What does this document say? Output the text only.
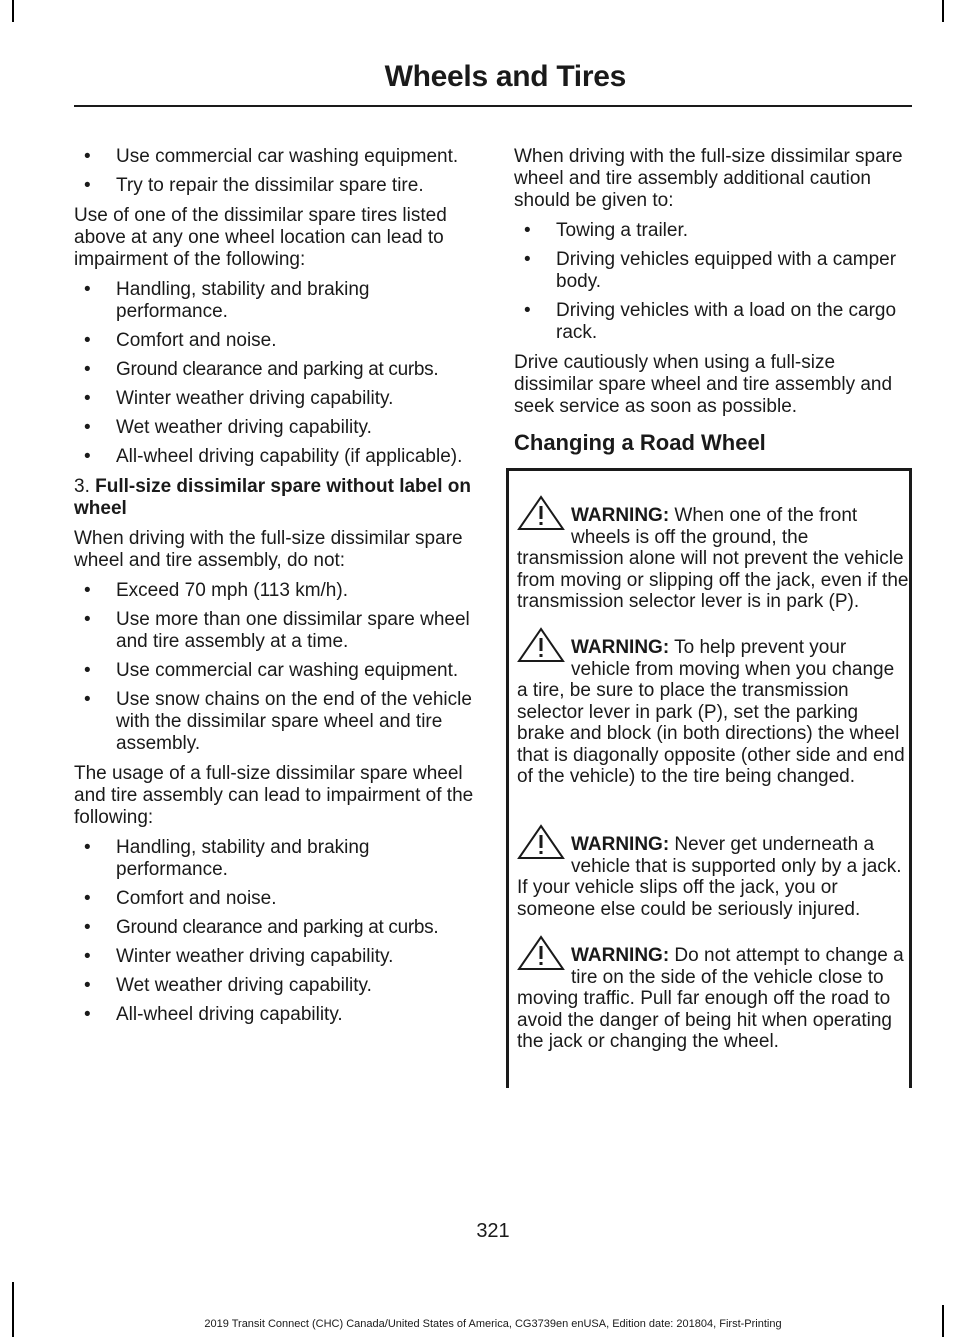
Wheels and Tires
• Use commercial car washing equipment.
• Try to repair the dissimilar spare tire.

Use of one of the dissimilar spare tires listed above at any one wheel location can lead to impairment of the following:

• Handling, stability and braking performance.
• Comfort and noise.
• Ground clearance and parking at curbs.
• Winter weather driving capability.
• Wet weather driving capability.
• All-wheel driving capability (if applicable).

3. Full-size dissimilar spare without label on wheel

When driving with the full-size dissimilar spare wheel and tire assembly, do not:

• Exceed 70 mph (113 km/h).
• Use more than one dissimilar spare wheel and tire assembly at a time.
• Use commercial car washing equipment.
• Use snow chains on the end of the vehicle with the dissimilar spare wheel and tire assembly.

The usage of a full-size dissimilar spare wheel and tire assembly can lead to impairment of the following:

• Handling, stability and braking performance.
• Comfort and noise.
• Ground clearance and parking at curbs.
• Winter weather driving capability.
• Wet weather driving capability.
• All-wheel driving capability.

When driving with the full-size dissimilar spare wheel and tire assembly additional caution should be given to:

• Towing a trailer.
• Driving vehicles equipped with a camper body.
• Driving vehicles with a load on the cargo rack.

Drive cautiously when using a full-size dissimilar spare wheel and tire assembly and seek service as soon as possible.

Changing a Road Wheel
WARNING: When one of the front wheels is off the ground, the transmission alone will not prevent the vehicle from moving or slipping off the jack, even if the transmission selector lever is in park (P).
WARNING: To help prevent your vehicle from moving when you change a tire, be sure to place the transmission selector lever in park (P), set the parking brake and block (in both directions) the wheel that is diagonally opposite (other side and end of the vehicle) to the tire being changed.
WARNING: Never get underneath a vehicle that is supported only by a jack. If your vehicle slips off the jack, you or someone else could be seriously injured.
WARNING: Do not attempt to change a tire on the side of the vehicle close to moving traffic. Pull far enough off the road to avoid the danger of being hit when operating the jack or changing the wheel.
321
2019 Transit Connect (CHC) Canada/United States of America, CG3739en enUSA, Edition date: 201804, First-Printing
